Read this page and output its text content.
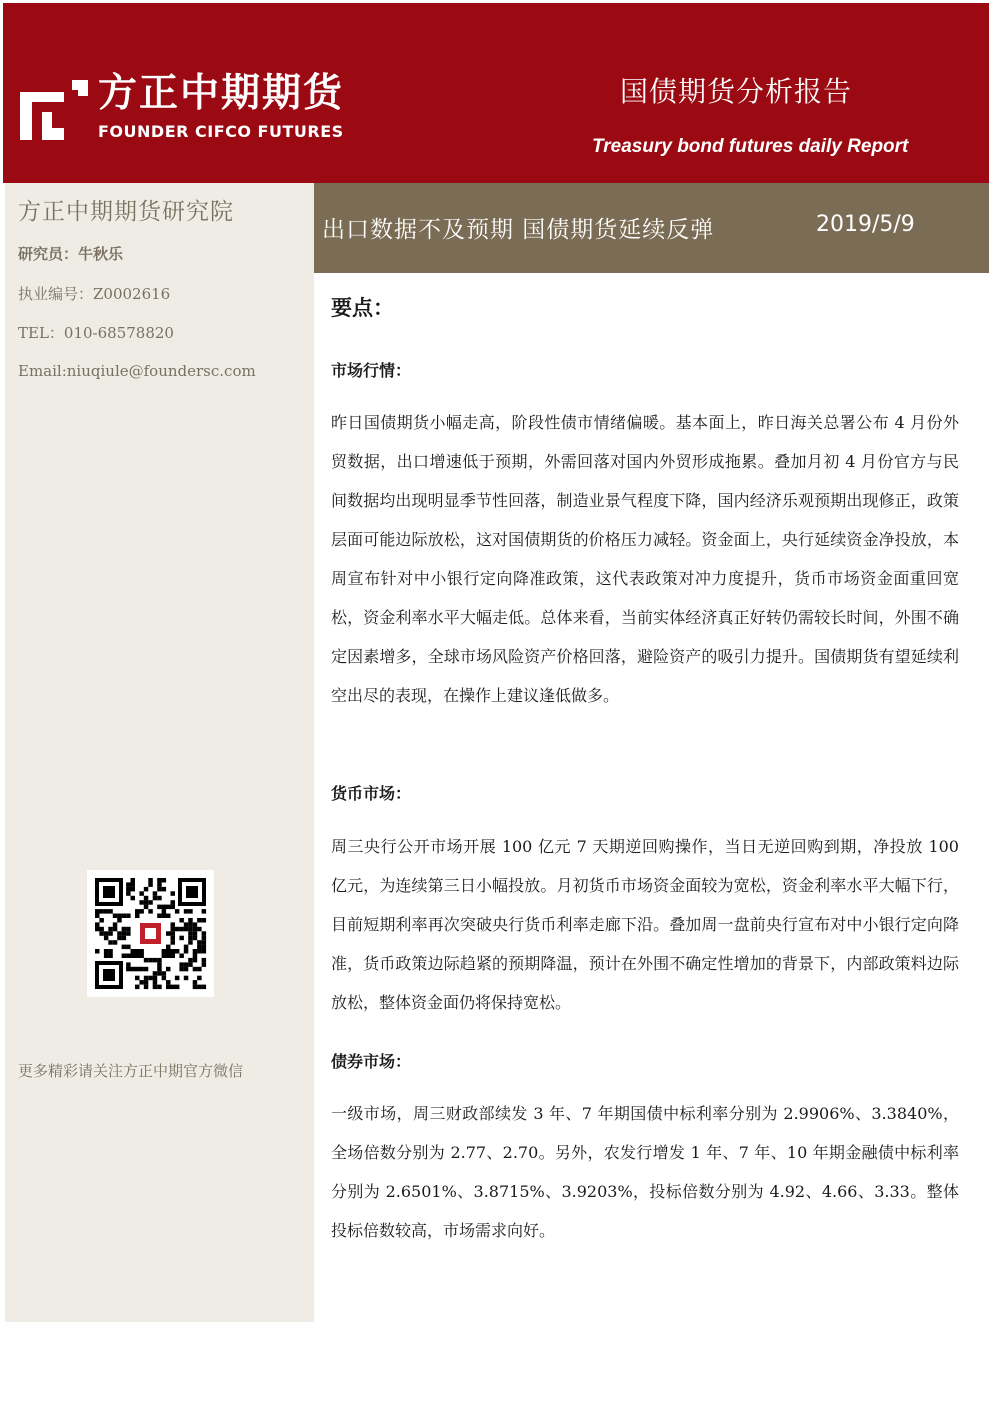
方正中期期货
FOUNDER CIFCO FUTURES
国债期货分析报告
Treasury bond futures daily Report
方正中期期货研究院
研究员：牛秋乐
执业编号：Z0002616
TEL：010-68578820
Email:niuqiule@foundersc.com
更多精彩请关注方正中期官方微信
出口数据不及预期 国债期货延续反弹	2019/5/9
要点：
市场行情：

昨日国债期货小幅走高，阶段性债市情绪偏暖。基本面上，昨日海关总署公布 4 月份外贸数据，出口增速低于预期，外需回落对国内外贸形成拖累。叠加月初 4 月份官方与民间数据均出现明显季节性回落，制造业景气程度下降，国内经济乐观预期出现修正，政策层面可能边际放松，这对国债期货的价格压力减轻。资金面上，央行延续资金净投放，本周宣布针对中小银行定向降准政策，这代表政策对冲力度提升，货币市场资金面重回宽松，资金利率水平大幅走低。总体来看，当前实体经济真正好转仍需较长时间，外围不确定因素增多，全球市场风险资产价格回落，避险资产的吸引力提升。国债期货有望延续利空出尽的表现，在操作上建议逢低做多。

货币市场：

周三央行公开市场开展 100 亿元 7 天期逆回购操作，当日无逆回购到期，净投放 100 亿元，为连续第三日小幅投放。月初货币市场资金面较为宽松，资金利率水平大幅下行，目前短期利率再次突破央行货币利率走廊下沿。叠加周一盘前央行宣布对中小银行定向降准，货币政策边际趋紧的预期降温，预计在外围不确定性增加的背景下，内部政策料边际放松，整体资金面仍将保持宽松。

债券市场：

一级市场，周三财政部续发 3 年、7 年期国债中标利率分别为 2.9906%、3.3840%，全场倍数分别为 2.77、2.70。另外，农发行增发 1 年、7 年、10 年期金融债中标利率分别为 2.6501%、3.8715%、3.9203%，投标倍数分别为 4.92、4.66、3.33。整体投标倍数较高，市场需求向好。
